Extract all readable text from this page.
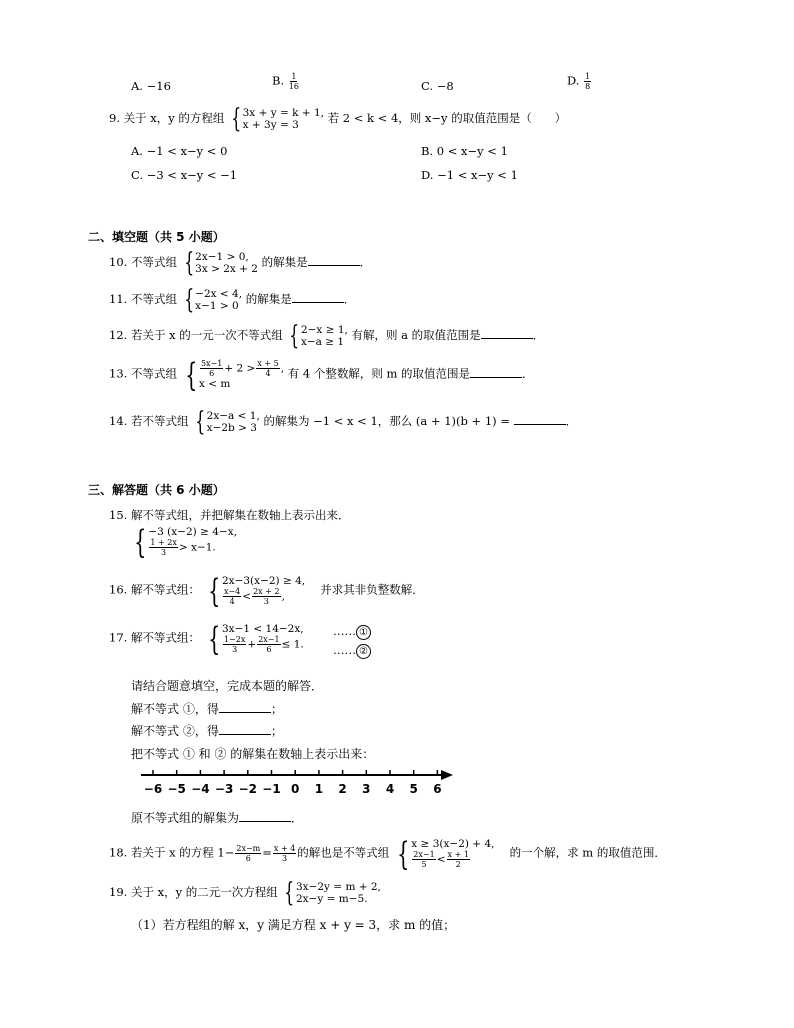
A. −16	B. $\frac{1}{16}$	C. −8	D. $\frac{1}{8}$
9. 关于 x，y 的方程组 { 3x + y = k + 1,
x + 3y = 3	若 2 < k < 4，则 x−y 的取值范围是（　　）
A. −1 < x−y < 0	B. 0 < x−y < 1
C. −3 < x−y < −1	D. −1 < x−y < 1
二、填空题（共 5 小题）
10. 不等式组 { 2x−1 > 0,
3x > 2x + 2 的解集是	．
11. 不等式组 { −2x < 4,
x−1 > 0 的解集是	．
12. 若关于 x 的一元一次不等式组 { 2−x ≥ 1,
x−a ≥ 1 有解，则 a 的取值范围是	．
13. 不等式组 { $\frac{5x-1}{6} + 2 > \frac{x + 5}{4}$ ,
x < m
有 4 个整数解，则 m 的取值范围是	．
14. 若不等式组 { 2x−a < 1,
x−2b > 3 的解集为 −1 < x < 1，那么 (a + 1)(b + 1) =	．
三、解答题（共 6 小题）
15. 解不等式组，并把解集在数轴上表示出来．
{ −3 (x−2) ≥ 4−x,
$\frac{1 + 2x}{3} > x-1$.
16. 解不等式组： { 2x−3(x−2) ≥ 4,
$\frac{x-4}{4} < \frac{2x + 2}{3}$ ,
　	并求其非负整数解．
17. 解不等式组： { 3x−1 < 14−2x,
$\frac{1-2x}{3} + \frac{2x-1}{6} \le 1$.
…… ①
…… ②
请结合题意填空，完成本题的解答．
解不等式 ①，得	；
解不等式 ②，得	；
把不等式 ① 和 ② 的解集在数轴上表示出来：
−6 −5 −4 −3 −2 −1 0 1 2 3 4 5 6
原不等式组的解集为	．
18. 若关于 x 的方程 $1- \frac{2x-m}{6} = \frac{x + 4}{3}$ 的解也是不等式组 { x ≥ 3(x−2) + 4,
$\frac{2x-1}{5} < \frac{x + 1}{2}$
　	的一个解，求 m 的取值范围．
19. 关于 x，y 的二元一次方程组 { 3x−2y = m + 2,
2x−y = m−5.
（1）若方程组的解 x，y 满足方程 x + y = 3，求 m 的值；
